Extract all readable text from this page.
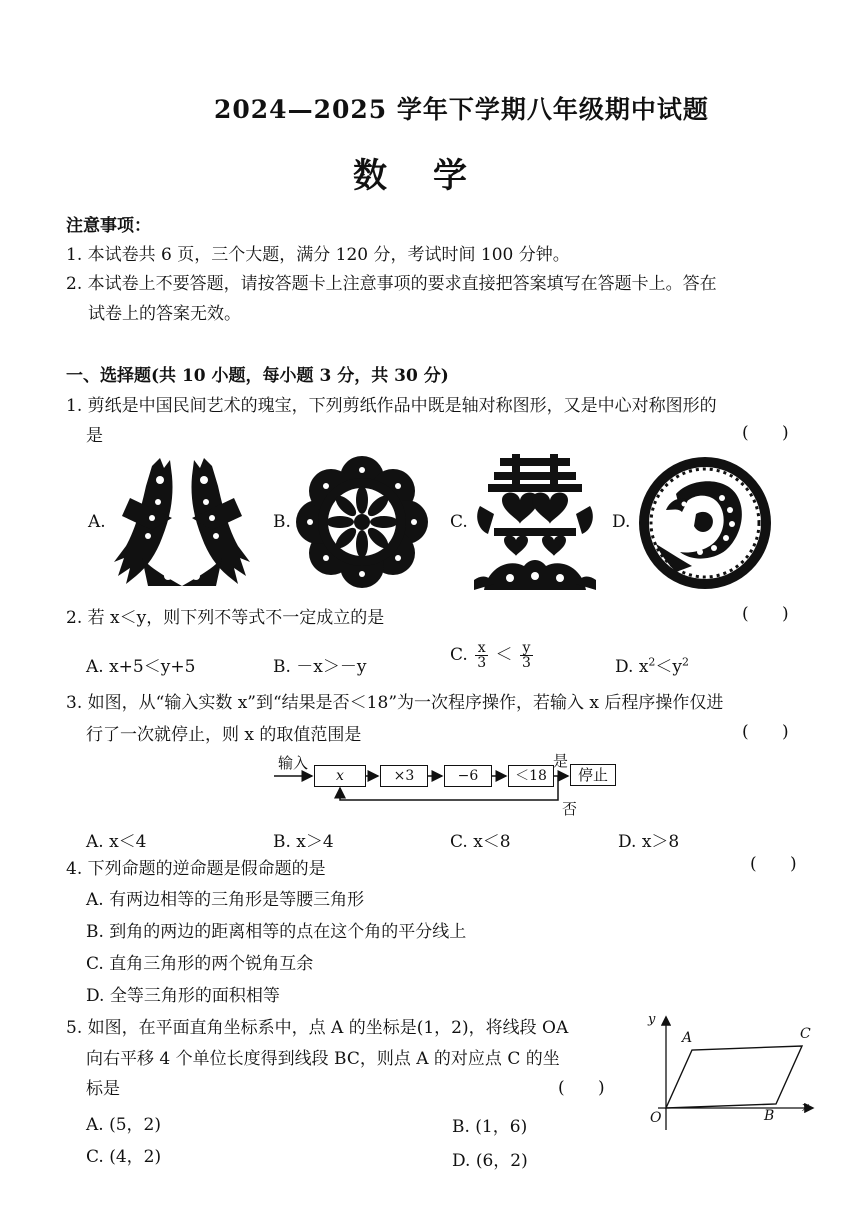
2024—2025 学年下学期八年级期中试题
数学
注意事项：
1. 本试卷共 6 页，三个大题，满分 120 分，考试时间 100 分钟。
2. 本试卷上不要答题，请按答题卡上注意事项的要求直接把答案填写在答题卡上。答在
试卷上的答案无效。
一、选择题(共 10 小题，每小题 3 分，共 30 分)
1. 剪纸是中国民间艺术的瑰宝，下列剪纸作品中既是轴对称图形，又是中心对称图形的
是	( )
A.	B.	C.	D.
2. 若 x＜y，则下列不等式不一定成立的是	( )
A. x+5＜y+5	B. －x＞－y
C. $\frac{x}{3} < \frac{y}{3}$	D. $x^2<y^2$
3. 如图，从“输入实数 x”到“结果是否＜18”为一次程序操作，若输入 x 后程序操作仅进
行了一次就停止，则 x 的取值范围是	( )
输入
x	×3	−6	＜18
是
停止
否
A. x＜4	B. x＞4	C. x＜8	D. x＞8
4. 下列命题的逆命题是假命题的是	( )
A. 有两边相等的三角形是等腰三角形
B. 到角的两边的距离相等的点在这个角的平分线上
C. 直角三角形的两个锐角互余
D. 全等三角形的面积相等
5. 如图，在平面直角坐标系中，点 A 的坐标是(1，2)，将线段 OA
向右平移 4 个单位长度得到线段 BC，则点 A 的对应点 C 的坐
标是	( )
A. (5，2)	B. (1，6)
C. (4，2)	D. (6，2)
y
x
O
A
B
C
